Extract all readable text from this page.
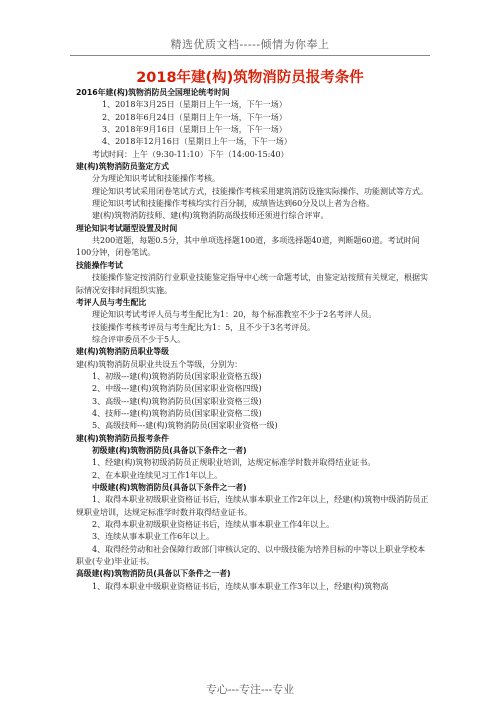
精选优质文档-----倾情为你奉上
2018年建(构)筑物消防员报考条件

2016年建(构)筑物消防员全国理论统考时间

1、2018年3月25日（星期日上午一场，下午一场）

2、2018年6月24日（星期日上午一场，下午一场）

3、2018年9月16日（星期日上午一场，下午一场）

4、2018年12月16日（星期日上午一场，下午一场）

考试时间：上午（9:30-11:10）下午（14:00-15:40）

建(构)筑物消防员鉴定方式

分为理论知识考试和技能操作考核。

理论知识考试采用闭卷笔试方式，技能操作考核采用建筑消防设施实际操作、功能测试等方式。

理论知识考试和技能操作考核均实行百分制，成绩皆达到60分及以上者为合格。

建(构)筑物消防技师、建(构)筑物消防高级技师还须进行综合评审。

理论知识考试题型设置及时间

共200道题，每题0.5分，其中单项选择题100道，多项选择题40道，判断题60道。考试时间100分钟，闭卷笔试。

技能操作考试

技能操作鉴定按消防行业职业技能鉴定指导中心统一命题考试，由鉴定站按照有关规定，根据实际情况安排时间组织实施。

考评人员与考生配比

理论知识考试考评人员与考生配比为1：20，每个标准教室不少于2名考评人员。

技能操作考核考评员与考生配比为1：5，且不少于3名考评员。

综合评审委员不少于5人。

建(构)筑物消防员职业等级

建(构)筑物消防员职业共设五个等级，分别为：

1、初级---建(构)筑物消防员(国家职业资格五级)

2、中级---建(构)筑物消防员(国家职业资格四级)

3、高级---建(构)筑物消防员(国家职业资格三级)

4、技师---建(构)筑物消防员(国家职业资格二级)

5、高级技师---建(构)筑物消防员(国家职业资格一级)

建(构)筑物消防员报考条件

初级建(构)筑物消防员(具备以下条件之一者)

1、经建(构)筑物初级消防员正规职业培训，达规定标准学时数并取得结业证书。

2、在本职业连续见习工作1年以上。

中级建(构)筑物消防员(具备以下条件之一者)

1、取得本职业初级职业资格证书后，连续从事本职业工作2年以上，经建(构)筑物中级消防员正规职业培训，达规定标准学时数并取得结业证书。

2、取得本职业初级职业资格证书后，连续从事本职业工作4年以上。

3、连续从事本职业工作6年以上。

4、取得经劳动和社会保障行政部门审核认定的、以中级技能为培养目标的中等以上职业学校本职业(专业)毕业证书。

高级建(构)筑物消防员(具备以下条件之一者)

1、取得本职业中级职业资格证书后，连续从事本职业工作3年以上，经建(构)筑物高

专心---专注---专业
